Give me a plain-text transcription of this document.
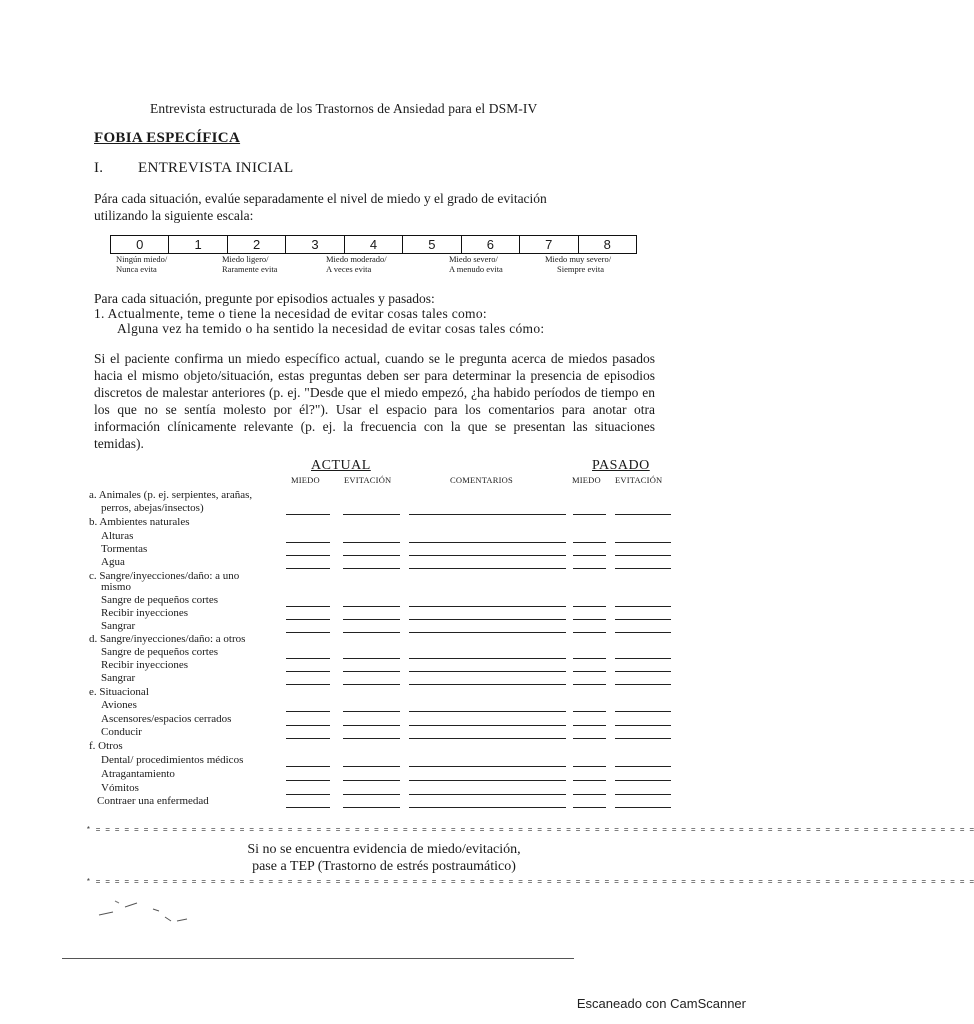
Entrevista estructurada de los Trastornos de Ansiedad para el DSM-IV
FOBIA ESPECÍFICA
I. ENTREVISTA INICIAL
Pára cada situación, evalúe separadamente el nivel de miedo y el grado de evitación
utilizando la siguiente escala:
0	1	2	3	4	5	6	7	8
Ningún miedo/
Nunca evita
Miedo ligero/
Raramente evita
Miedo moderado/
A veces evita
Miedo severo/
A menudo evita
Miedo muy severo/
Siempre evita
Para cada situación, pregunte por episodios actuales y pasados:
1. Actualmente, teme o tiene la necesidad de evitar cosas tales como:
Alguna vez ha temido o ha sentido la necesidad de evitar cosas tales cómo:
Si el paciente confirma un miedo específico actual, cuando se le pregunta acerca de miedos pasados hacia el mismo objeto/situación, estas preguntas deben ser para determinar la presencia de episodios discretos de malestar anteriores (p. ej. "Desde que el miedo empezó, ¿ha habido períodos de tiempo en los que no se sentía molesto por él?"). Usar el espacio para los comentarios para anotar otra información clínicamente relevante (p. ej. la frecuencia con la que se presentan las situaciones temidas).
ACTUAL	PASADO
MIEDO	EVITACIÓN	COMENTARIOS	MIEDO EVITACIÓN
a. Animales (p. ej. serpientes, arañas,
perros, abejas/insectos)
b. Ambientes naturales
Alturas
Tormentas
Agua
c. Sangre/inyecciones/daño: a uno
mismo
Sangre de pequeños cortes
Recibir inyecciones
Sangrar
d. Sangre/inyecciones/daño: a otros
Sangre de pequeños cortes
Recibir inyecciones
Sangrar
e. Situacional
Aviones
Ascensores/espacios cerrados
Conducir
f. Otros
Dental/ procedimientos médicos
Atragantamiento
Vómitos
Contraer una enfermedad
* = = = = = = = = = = = = = = = = = = = = = = = = = = = = = = = = = = = = = = = = = = = = = = = = = = = = = = = = = = = = = = = = = = = = = = = = = = = = = = = = = = = = = = = = = = = =
Si no se encuentra evidencia de miedo/evitación,
pase a TEP (Trastorno de estrés postraumático)
* = = = = = = = = = = = = = = = = = = = = = = = = = = = = = = = = = = = = = = = = = = = = = = = = = = = = = = = = = = = = = = = = = = = = = = = = = = = = = = = = = = = = = = = = = = = =
Escaneado con CamScanner
